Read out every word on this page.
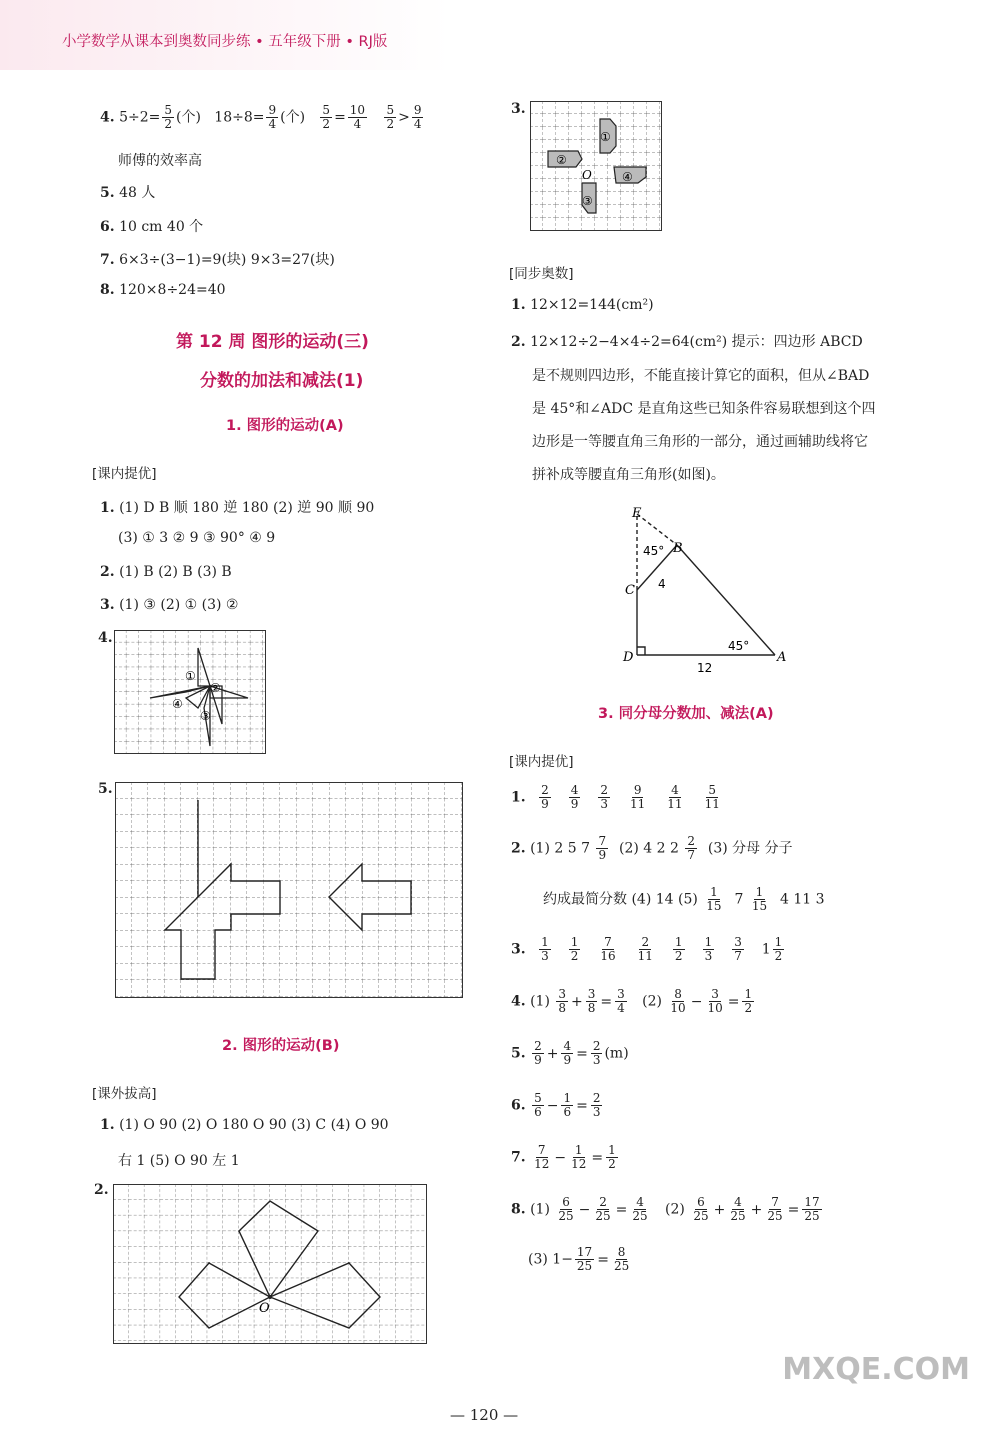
小学数学从课本到奥数同步练 • 五年级下册 • RJ版
4. $5\div 2= \frac{5}{2}$ (个) $18\div 8= \frac{9}{4}$ (个) $\frac{5}{2} = \frac{10}{4}$
$\frac{5}{2} > \frac{9}{4}$
师傅的效率高
5. 48 人
6. 10 cm 40 个
7. 6×3÷(3−1)=9(块) 9×3=27(块)
8. 120×8÷24=40
第 12 周 图形的运动(三)
分数的加法和减法(1)
1. 图形的运动(A)
[课内提优]
1. (1) D B 顺 180 逆 180 (2) 逆 90 顺 90
(3) ① 3 ② 9 ③ 90° ④ 9
2. (1) B (2) B (3) B
3. (1) ③ (2) ① (3) ②
4.
①
②
③
④
5.
2. 图形的运动(B)
[课外拔高]
1. (1) O 90 (2) O 180 O 90 (3) C (4) O 90
右 1 (5) O 90 左 1
2.
O
3.
①
②
③
④
O
[同步奥数]
1. 12×12=144(cm²)
2. 12×12÷2−4×4÷2=64(cm²) 提示：四边形 ABCD
是不规则四边形，不能直接计算它的面积，但从∠BAD
是 45°和∠ADC 是直角这些已知条件容易联想到这个四
边形是一等腰直角三角形的一部分，通过画辅助线将它
拼补成等腰直角三角形(如图)。
E
B
C
D	A
45°
45°
4
12
3. 同分母分数加、减法(A)
[课内提优]
1. $\frac{2}{9} \frac{4}{9} \frac{2}{3} \frac{9}{11} \frac{4}{11} \frac{5}{11}$
2. (1) 2 5 $7 \frac{7}{9} (2)$ 4 2 $2 \frac{2}{7} (3)$ 分母 分子
约成最简分数 (4) 14 $(5) \frac{1}{15} 7 \frac{1}{15} 4$ 11 3
3. $\frac{1}{3} \frac{1}{2} \frac{7}{16} \frac{2}{11} \frac{1}{2} \frac{1}{3} \frac{3}{7} 1 \frac{1}{2}$
4. $(1) \frac{3}{8} + \frac{3}{8} = \frac{3}{4} (2) \frac{8}{10} - \frac{3}{10} = \frac{1}{2}$
5. $\frac{2}{9} + \frac{4}{9} = \frac{2}{3} (m)$
6. $\frac{5}{6} - \frac{1}{6} = \frac{2}{3}$
7. $\frac{7}{12} - \frac{1}{12} = \frac{1}{2}$
8. $(1) \frac{6}{25} - \frac{2}{25} = \frac{4}{25} (2) \frac{6}{25} + \frac{4}{25} + \frac{7}{25} = \frac{17}{25}$
(3) $1- \frac{17}{25} = \frac{8}{25}$
— 120 —
MXQE.COM
